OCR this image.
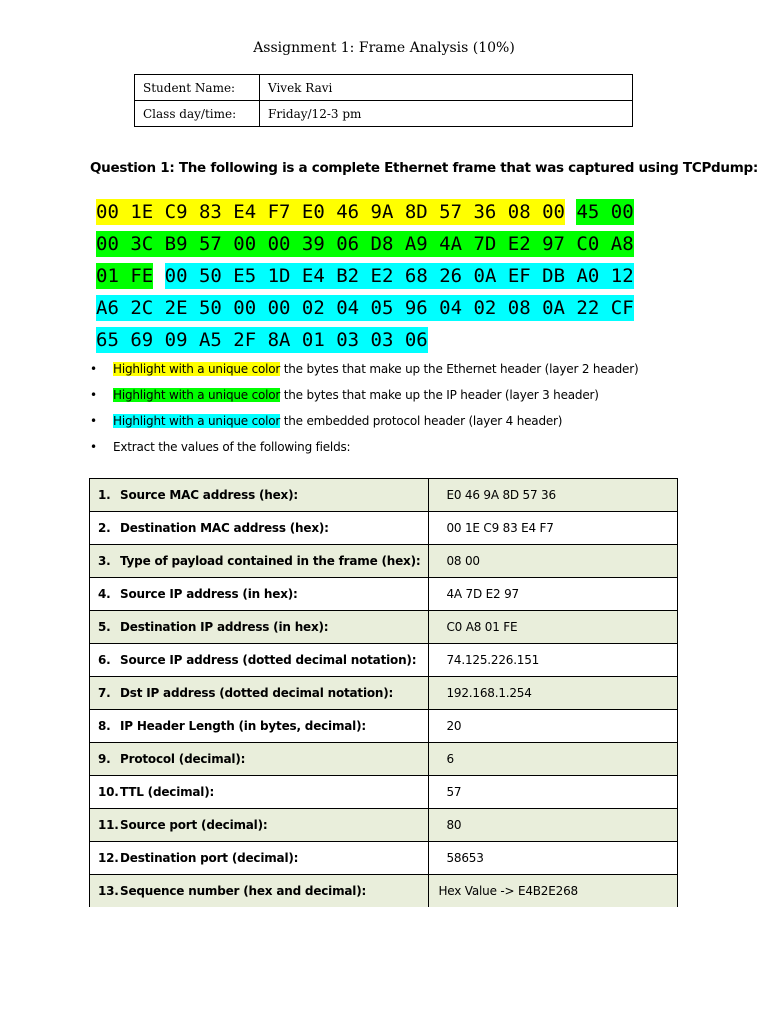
Assignment 1: Frame Analysis (10%)
Student Name:	Vivek Ravi
Class day/time:	Friday/12-3 pm
Question 1: The following is a complete Ethernet frame that was captured using TCPdump:
00 1E C9 83 E4 F7 E0 46 9A 8D 57 36 08 00 45 00
00 3C B9 57 00 00 39 06 D8 A9 4A 7D E2 97 C0 A8
01 FE 00 50 E5 1D E4 B2 E2 68 26 0A EF DB A0 12
A6 2C 2E 50 00 00 02 04 05 96 04 02 08 0A 22 CF
65 69 09 A5 2F 8A 01 03 03 06
• Highlight with a unique color the bytes that make up the Ethernet header (layer 2 header)
• Highlight with a unique color the bytes that make up the IP header (layer 3 header)
• Highlight with a unique color the embedded protocol header (layer 4 header)
• Extract the values of the following fields:
1. Source MAC address (hex):	E0 46 9A 8D 57 36
2. Destination MAC address (hex):	00 1E C9 83 E4 F7
3. Type of payload contained in the frame (hex):	08 00
4. Source IP address (in hex):	4A 7D E2 97
5. Destination IP address (in hex):	C0 A8 01 FE
6. Source IP address (dotted decimal notation):	74.125.226.151
7. Dst IP address (dotted decimal notation):	192.168.1.254
8. IP Header Length (in bytes, decimal):	20
9. Protocol (decimal):	6
10.TTL (decimal):	57
11.Source port (decimal):	80
12.Destination port (decimal):	58653
13.Sequence number (hex and decimal):	Hex Value -> E4B2E268
